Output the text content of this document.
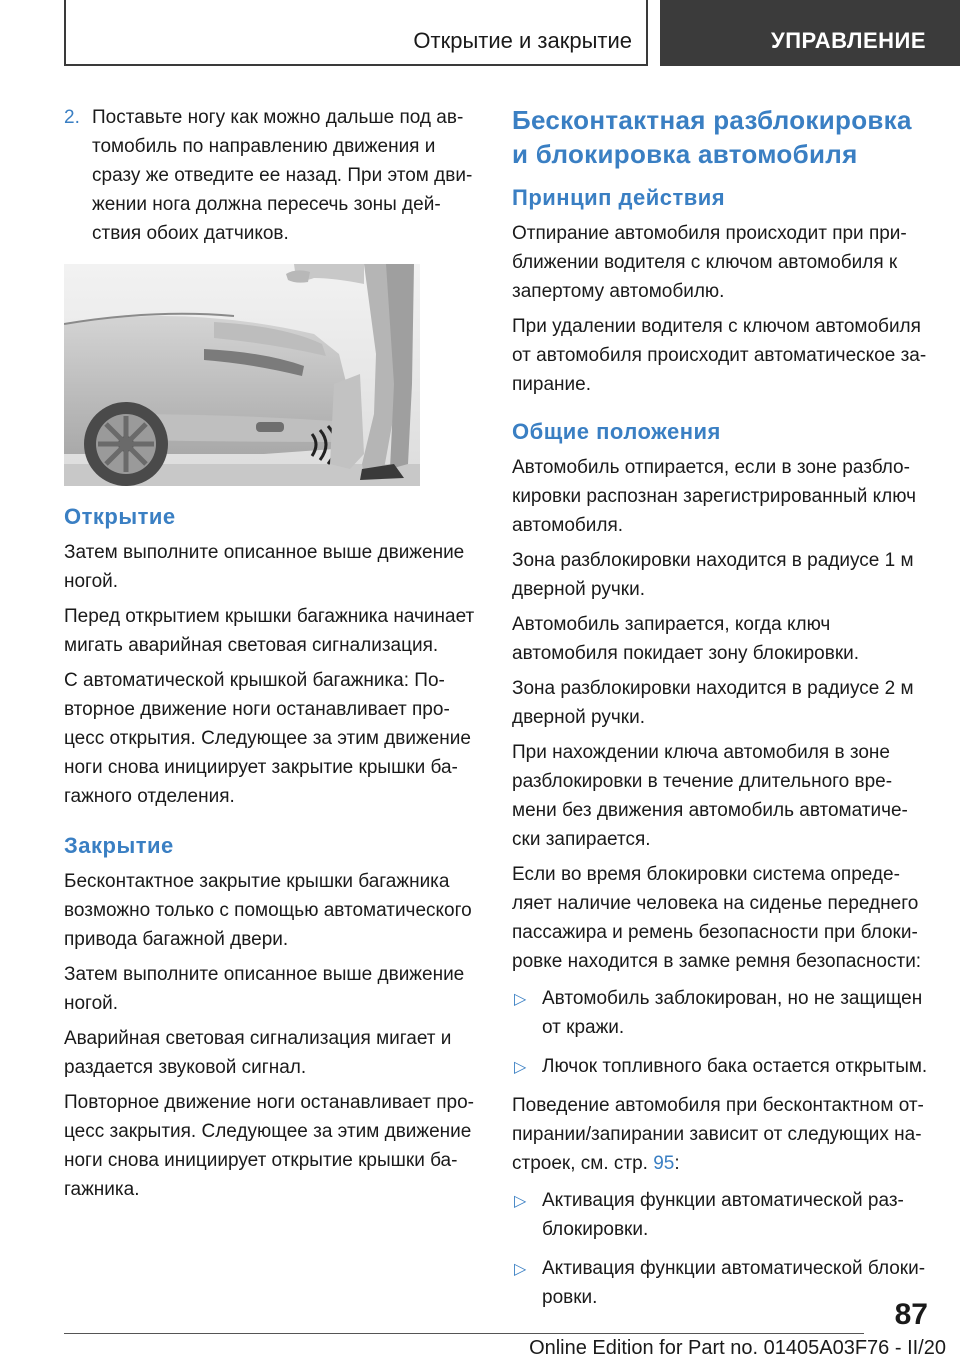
Открытие и закрытие	УПРАВЛЕНИЕ
2. Поставьте ногу как можно дальше под автомобиль по направлению движения и сразу же отведите ее назад. При этом движении нога должна пересечь зоны действия обоих датчиков.
Открытие

Затем выполните описанное выше движение ногой.

Перед открытием крышки багажника начинает мигать аварийная световая сигнализация.

С автоматической крышкой багажника: Повторное движение ноги останавливает процесс открытия. Следующее за этим движение ноги снова инициирует закрытие крышки багажного отделения.

Закрытие

Бесконтактное закрытие крышки багажника возможно только с помощью автоматического привода багажной двери.

Затем выполните описанное выше движение ногой.

Аварийная световая сигнализация мигает и раздается звуковой сигнал.

Повторное движение ноги останавливает процесс закрытия. Следующее за этим движение ноги снова инициирует открытие крышки багажника.

Бесконтактная разблокировка и блокировка автомобиля
Принцип действия

Отпирание автомобиля происходит при приближении водителя с ключом автомобиля к запертому автомобилю.

При удалении водителя с ключом автомобиля от автомобиля происходит автоматическое запирание.

Общие положения

Автомобиль отпирается, если в зоне разблокировки распознан зарегистрированный ключ автомобиля.

Зона разблокировки находится в радиусе 1 м дверной ручки.

Автомобиль запирается, когда ключ автомобиля покидает зону блокировки.

Зона разблокировки находится в радиусе 2 м дверной ручки.

При нахождении ключа автомобиля в зоне разблокировки в течение длительного времени без движения автомобиль автоматически запирается.

Если во время блокировки система определяет наличие человека на сиденье переднего пассажира и ремень безопасности при блокировке находится в замке ремня безопасности:

▷ Автомобиль заблокирован, но не защищен от кражи.
▷ Лючок топливного бака остается открытым.

Поведение автомобиля при бесконтактном отпирании/запирании зависит от следующих настроек, см. стр. 95:

▷ Активация функции автоматической разблокировки.
▷ Активация функции автоматической блокировки.
87
Online Edition for Part no. 01405A03F76 - II/20
